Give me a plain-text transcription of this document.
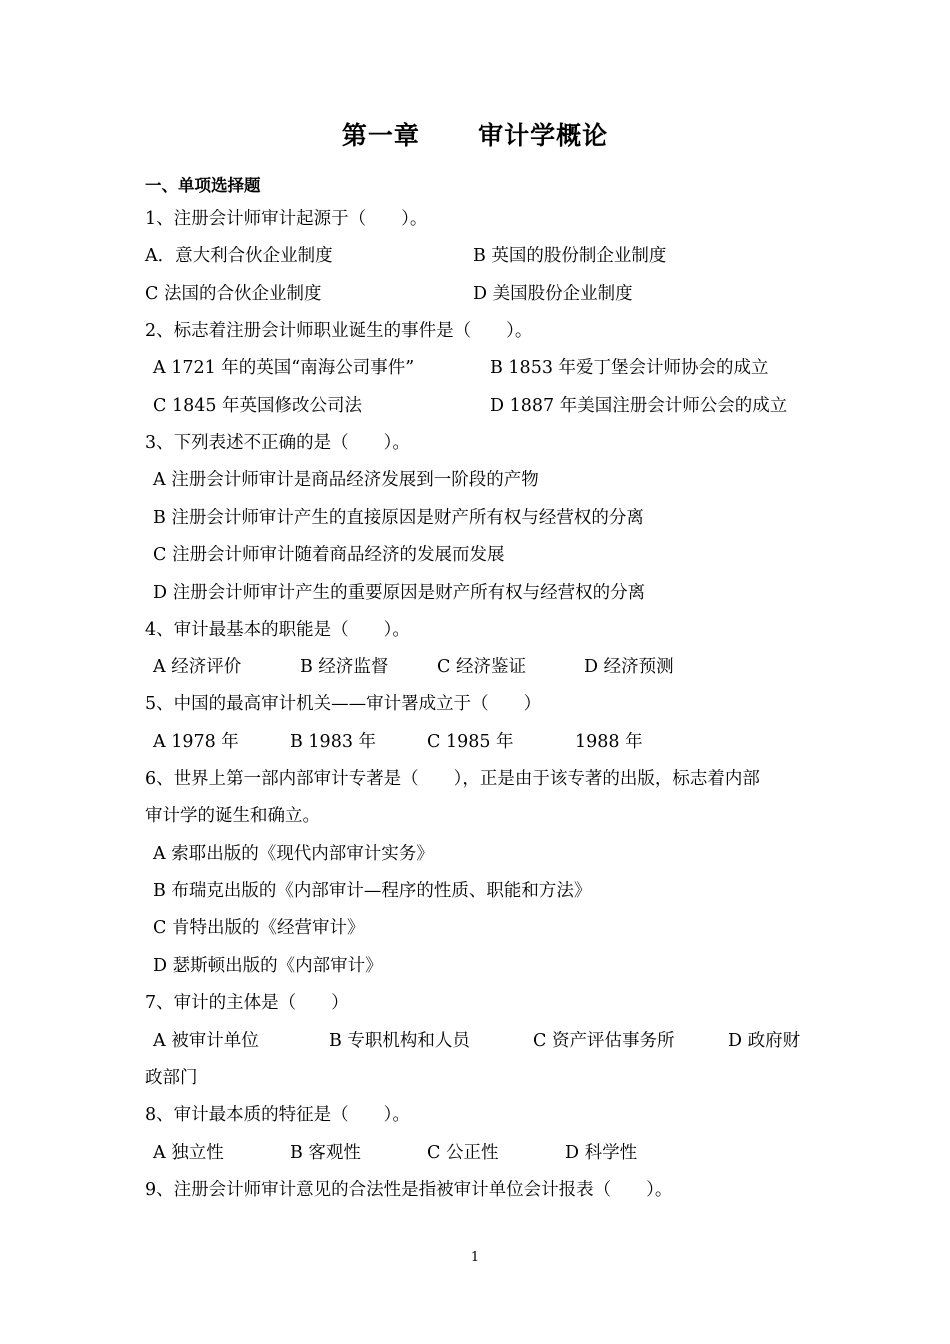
第一章      审计学概论
一、单项选择题
1、注册会计师审计起源于（　　）。
A．意大利合伙企业制度	B 英国的股份制企业制度
C 法国的合伙企业制度	D 美国股份企业制度
2、标志着注册会计师职业诞生的事件是（　　）。
A 1721 年的英国“南海公司事件”	B 1853 年爱丁堡会计师协会的成立
C 1845 年英国修改公司法	D 1887 年美国注册会计师公会的成立
3、下列表述不正确的是（　　）。
A 注册会计师审计是商品经济发展到一阶段的产物
B 注册会计师审计产生的直接原因是财产所有权与经营权的分离
C 注册会计师审计随着商品经济的发展而发展
D 注册会计师审计产生的重要原因是财产所有权与经营权的分离
4、审计最基本的职能是（　　）。
A 经济评价	B 经济监督	C 经济鉴证	D 经济预测
5、中国的最高审计机关——审计署成立于（　　）
A 1978 年	B 1983 年	C 1985 年	1988 年
6、世界上第一部内部审计专著是（　　），正是由于该专著的出版，标志着内部
审计学的诞生和确立。
A 索耶出版的《现代内部审计实务》
B 布瑞克出版的《内部审计—程序的性质、职能和方法》
C 肯特出版的《经营审计》
D 瑟斯顿出版的《内部审计》
7、审计的主体是（　　）
A 被审计单位	B 专职机构和人员	C 资产评估事务所	D 政府财
政部门
8、审计最本质的特征是（　　）。
A 独立性	B 客观性	C 公正性	D 科学性
9、注册会计师审计意见的合法性是指被审计单位会计报表（　　）。
1
